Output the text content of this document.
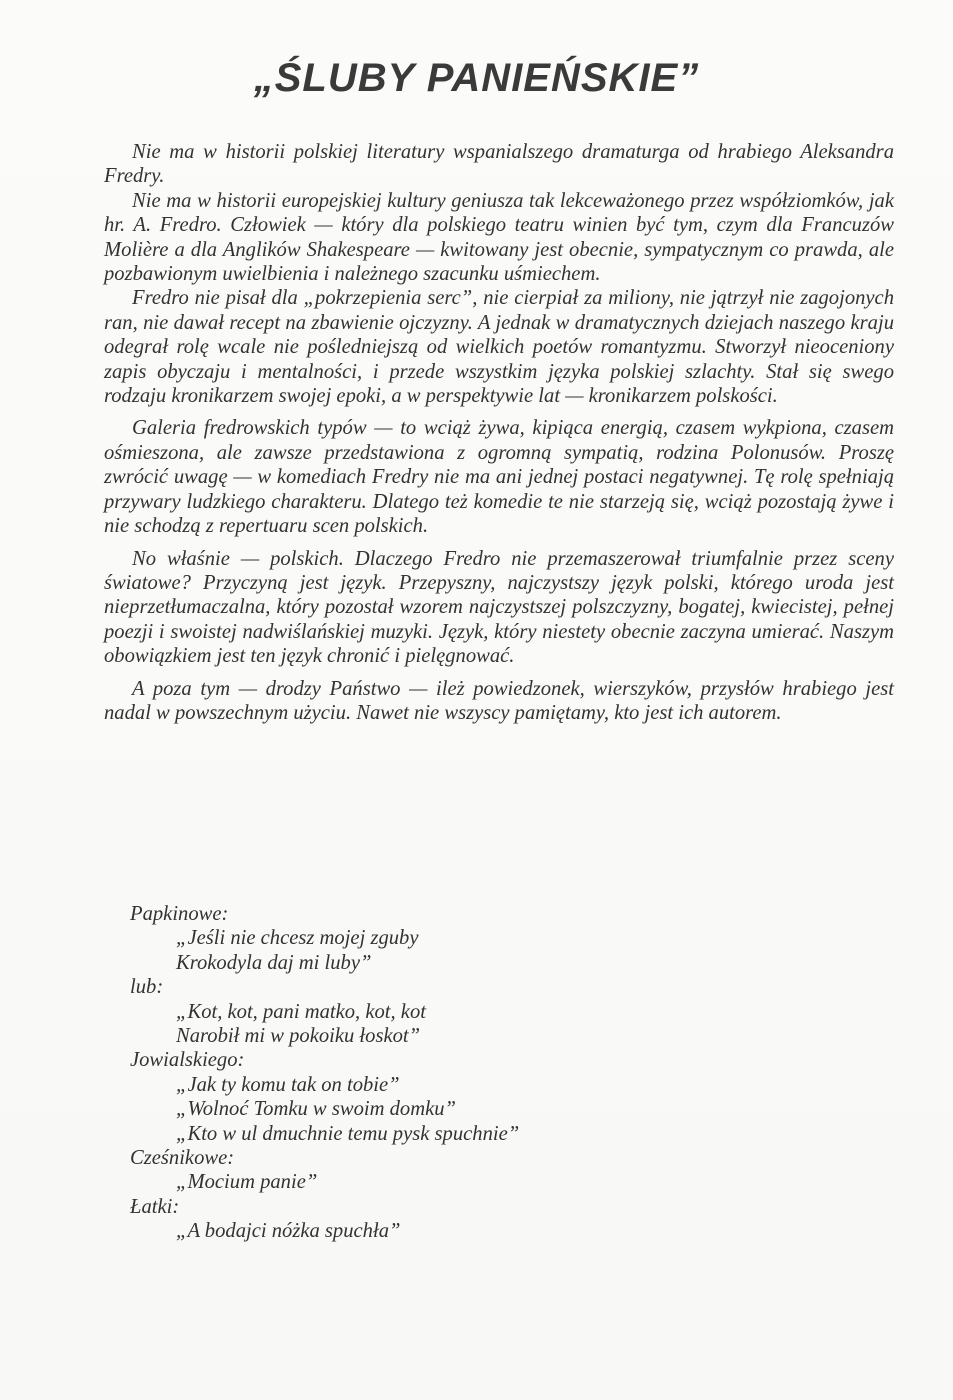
„ŚLUBY PANIEŃSKIE”

Nie ma w historii polskiej literatury wspanialszego dramaturga od hrabiego Aleksandra Fredry.

Nie ma w historii europejskiej kultury geniusza tak lekceważonego przez współziomków, jak hr. A. Fredro. Człowiek — który dla polskiego teatru winien być tym, czym dla Francuzów Molière a dla Anglików Shakespeare — kwitowany jest obecnie, sympatycznym co prawda, ale pozbawionym uwielbienia i należnego szacunku uśmiechem.

Fredro nie pisał dla „pokrzepienia serc”, nie cierpiał za miliony, nie jątrzył nie zagojonych ran, nie dawał recept na zbawienie ojczyzny. A jednak w dramatycznych dziejach naszego kraju odegrał rolę wcale nie pośledniejszą od wielkich poetów romantyzmu. Stworzył nieoceniony zapis obyczaju i mentalności, i przede wszystkim języka polskiej szlachty. Stał się swego rodzaju kronikarzem swojej epoki, a w perspektywie lat — kronikarzem polskości.

Galeria fredrowskich typów — to wciąż żywa, kipiąca energią, czasem wykpiona, czasem ośmieszona, ale zawsze przedstawiona z ogromną sympatią, rodzina Polonusów. Proszę zwrócić uwagę — w komediach Fredry nie ma ani jednej postaci negatywnej. Tę rolę spełniają przywary ludzkiego charakteru. Dlatego też komedie te nie starzeją się, wciąż pozostają żywe i nie schodzą z repertuaru scen polskich.

No właśnie — polskich. Dlaczego Fredro nie przemaszerował triumfalnie przez sceny światowe? Przyczyną jest język. Przepyszny, najczystszy język polski, którego uroda jest nieprzetłumaczalna, który pozostał wzorem najczystszej polszczyzny, bogatej, kwiecistej, pełnej poezji i swoistej nadwiślańskiej muzyki. Język, który niestety obecnie zaczyna umierać. Naszym obowiązkiem jest ten język chronić i pielęgnować.

A poza tym — drodzy Państwo — ileż powiedzonek, wierszyków, przysłów hrabiego jest nadal w powszechnym użyciu. Nawet nie wszyscy pamiętamy, kto jest ich autorem.

Papkinowe:

„Jeśli nie chcesz mojej zguby

Krokodyla daj mi luby”

lub:

„Kot, kot, pani matko, kot, kot

Narobił mi w pokoiku łoskot”

Jowialskiego:

„Jak ty komu tak on tobie”

„Wolnoć Tomku w swoim domku”

„Kto w ul dmuchnie temu pysk spuchnie”

Cześnikowe:

„Mocium panie”

Łatki:

„A bodajci nóżka spuchła”
